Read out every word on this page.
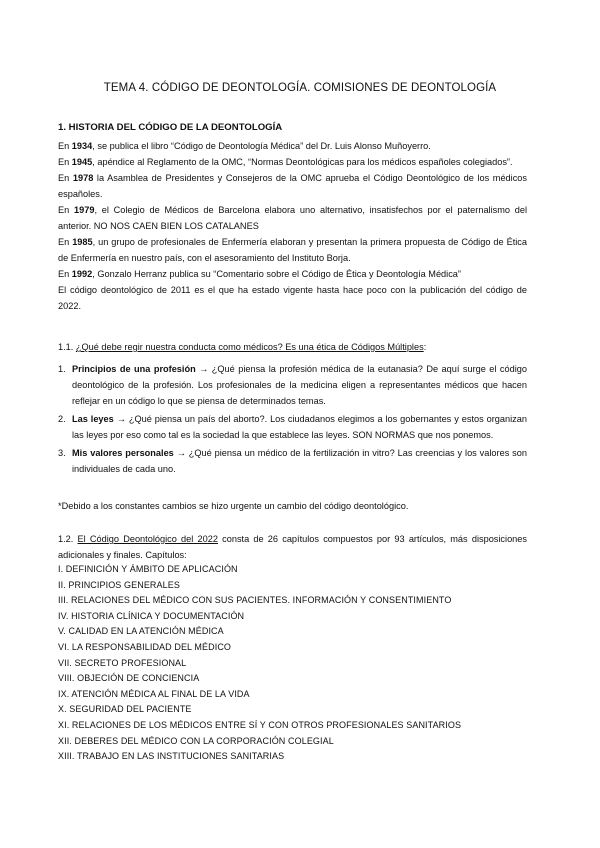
TEMA 4. CÓDIGO DE DEONTOLOGÍA. COMISIONES DE DEONTOLOGÍA
1. HISTORIA DEL CÓDIGO DE LA DEONTOLOGÍA

En 1934, se publica el libro “Código de Deontología Médica” del Dr. Luis Alonso Muñoyerro.

En 1945, apéndice al Reglamento de la OMC, “Normas Deontológicas para los médicos españoles colegiados”.

En 1978 la Asamblea de Presidentes y Consejeros de la OMC aprueba el Código Deontológico de los médicos españoles.

En 1979, el Colegio de Médicos de Barcelona elabora uno alternativo, insatisfechos por el paternalismo del anterior. NO NOS CAEN BIEN LOS CATALANES

En 1985, un grupo de profesionales de Enfermería elaboran y presentan la primera propuesta de Código de Ética de Enfermería en nuestro país, con el asesoramiento del Instituto Borja.

En 1992, Gonzalo Herranz publica su “Comentario sobre el Código de Ética y Deontología Médica”

El código deontológico de 2011 es el que ha estado vigente hasta hace poco con la publicación del código de 2022.

1.1. ¿Qué debe regir nuestra conducta como médicos? Es una ética de Códigos Múltiples:
1. Principios de una profesión → ¿Qué piensa la profesión médica de la eutanasia? De aquí surge el código deontológico de la profesión. Los profesionales de la medicina eligen a representantes médicos que hacen reflejar en un código lo que se piensa de determinados temas.
2. Las leyes → ¿Qué piensa un país del aborto?. Los ciudadanos elegimos a los gobernantes y estos organizan las leyes por eso como tal es la sociedad la que establece las leyes. SON NORMAS que nos ponemos.
3. Mis valores personales → ¿Qué piensa un médico de la fertilización in vitro? Las creencias y los valores son individuales de cada uno.
*Debido a los constantes cambios se hizo urgente un cambio del código deontológico.
1.2. El Código Deontológico del 2022 consta de 26 capítulos compuestos por 93 artículos, más disposiciones adicionales y finales. Capítulos:
I. DEFINICIÓN Y ÁMBITO DE APLICACIÓN
II. PRINCIPIOS GENERALES
III. RELACIONES DEL MÉDICO CON SUS PACIENTES. INFORMACIÓN Y CONSENTIMIENTO
IV. HISTORIA CLÍNICA Y DOCUMENTACIÓN
V. CALIDAD EN LA ATENCIÓN MÉDICA
VI. LA RESPONSABILIDAD DEL MÉDICO
VII. SECRETO PROFESIONAL
VIII. OBJECIÓN DE CONCIENCIA
IX. ATENCIÓN MÉDICA AL FINAL DE LA VIDA
X. SEGURIDAD DEL PACIENTE
XI. RELACIONES DE LOS MÉDICOS ENTRE SÍ Y CON OTROS PROFESIONALES SANITARIOS
XII. DEBERES DEL MÉDICO CON LA CORPORACIÓN COLEGIAL
XIII. TRABAJO EN LAS INSTITUCIONES SANITARIAS
